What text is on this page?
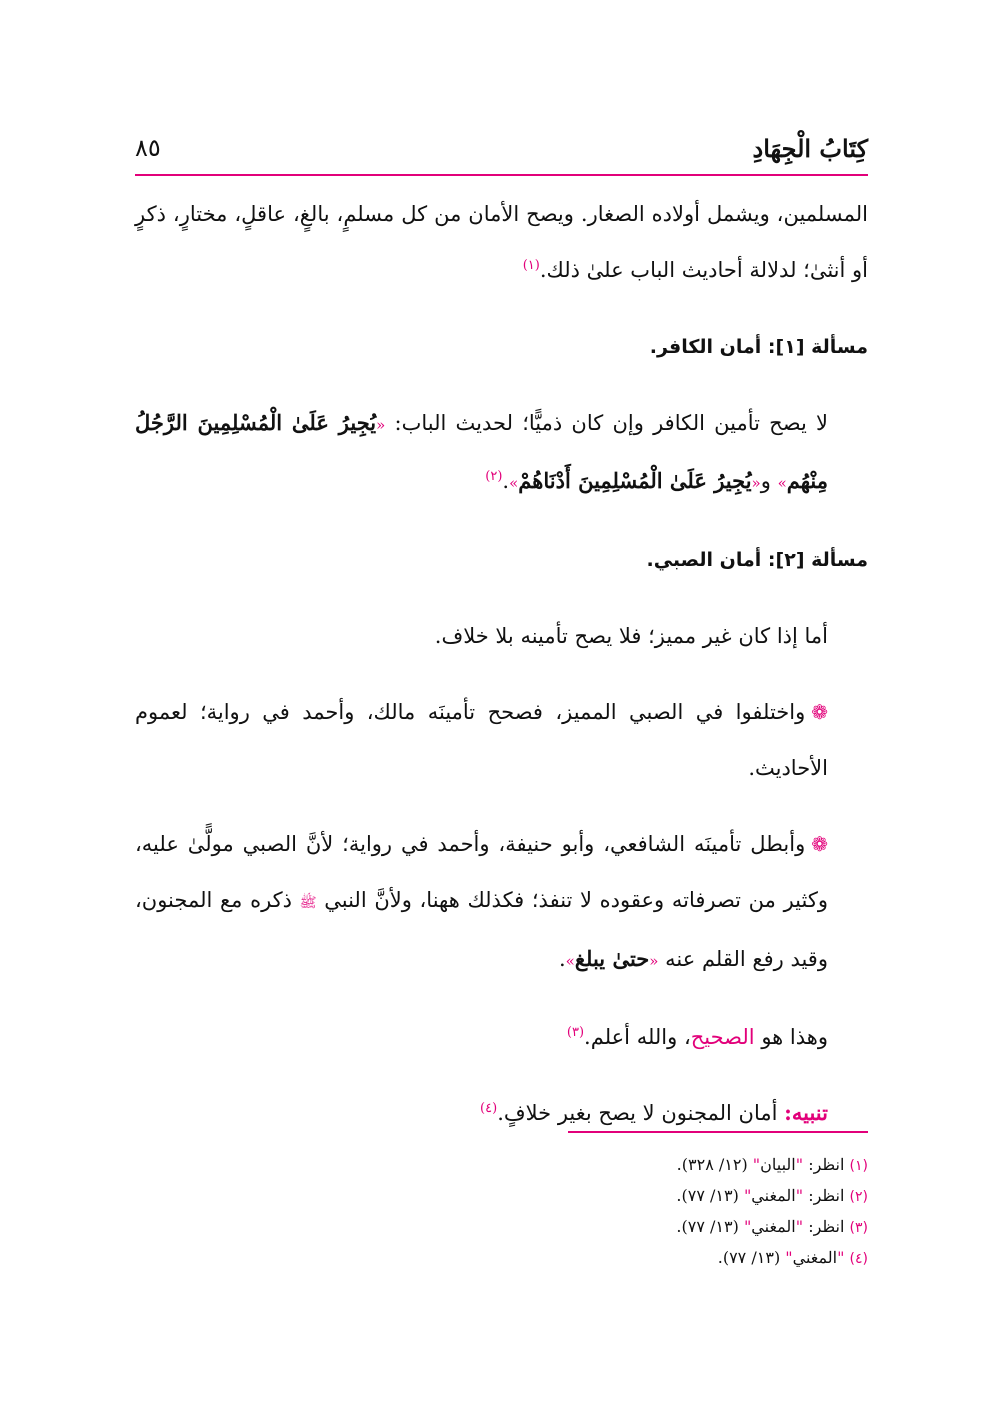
٨٥	كِتَابُ الْجِهَادِ

المسلمين، ويشمل أولاده الصغار. ويصح الأمان من كل مسلمٍ، بالغٍ، عاقلٍ، مختارٍ، ذكرٍ أو أنثىٰ؛ لدلالة أحاديث الباب علىٰ ذلك.$^{(١)}$

مسألة [١]: أمان الكافر.

لا يصح تأمين الكافر وإن كان ذميًّا؛ لحديث الباب: «يُجِيرُ عَلَىٰ الْمُسْلِمِينَ الرَّجُلُ مِنْهُم» و«يُجِيرُ عَلَىٰ الْمُسْلِمِينَ أَدْنَاهُمْ».$^{(٢)}$

مسألة [٢]: أمان الصبي.

أما إذا كان غير مميز؛ فلا يصح تأمينه بلا خلاف.

❁واختلفوا في الصبي المميز، فصحح تأمينَه مالك، وأحمد في رواية؛ لعموم الأحاديث.

❁وأبطل تأمينَه الشافعي، وأبو حنيفة، وأحمد في رواية؛ لأنَّ الصبي مولًّىٰ عليه، وكثير من تصرفاته وعقوده لا تنفذ؛ فكذلك ههنا، ولأنَّ النبي ﷺ ذكره مع المجنون، وقيد رفع القلم عنه «حتىٰ يبلغ».

وهذا هو الصحيح، والله أعلم.$^{(٣)}$

تنبيه: أمان المجنون لا يصح بغير خلافٍ.$^{(٤)}$

(١) انظر: "البيان" (١٢/ ٣٢٨).
(٢) انظر: "المغني" (١٣/ ٧٧).
(٣) انظر: "المغني" (١٣/ ٧٧).
(٤) "المغني" (١٣/ ٧٧).
